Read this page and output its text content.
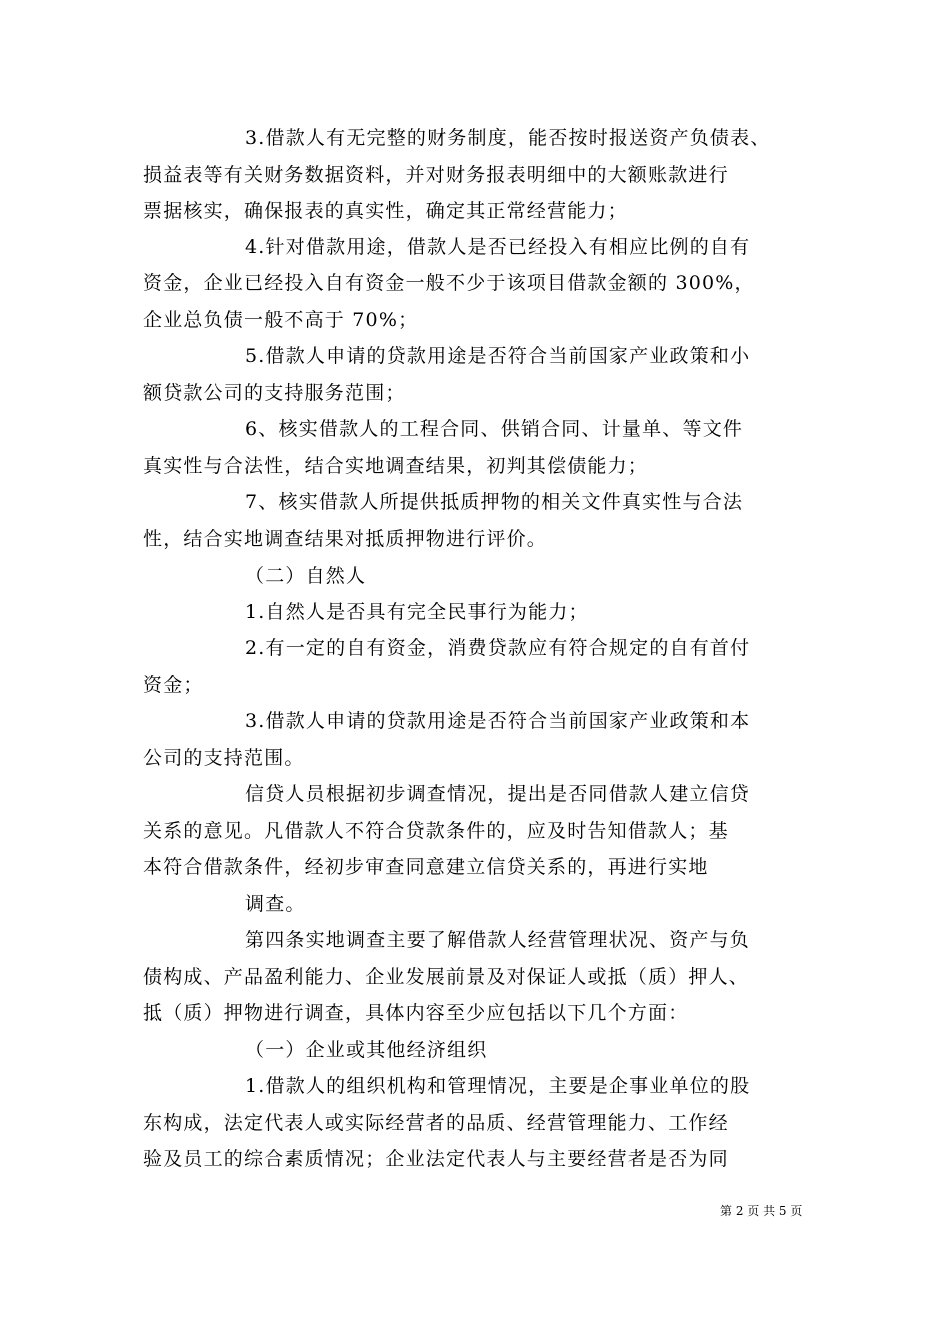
3.借款人有无完整的财务制度，能否按时报送资产负债表、
损益表等有关财务数据资料，并对财务报表明细中的大额账款进行
票据核实，确保报表的真实性，确定其正常经营能力；
4.针对借款用途，借款人是否已经投入有相应比例的自有
资金，企业已经投入自有资金一般不少于该项目借款金额的 300%，
企业总负债一般不高于 70%；
5.借款人申请的贷款用途是否符合当前国家产业政策和小
额贷款公司的支持服务范围；
6、核实借款人的工程合同、供销合同、计量单、等文件
真实性与合法性，结合实地调查结果，初判其偿债能力；
7、核实借款人所提供抵质押物的相关文件真实性与合法
性，结合实地调查结果对抵质押物进行评价。
（二）自然人
1.自然人是否具有完全民事行为能力；
2.有一定的自有资金，消费贷款应有符合规定的自有首付
资金；
3.借款人申请的贷款用途是否符合当前国家产业政策和本
公司的支持范围。
信贷人员根据初步调查情况，提出是否同借款人建立信贷
关系的意见。凡借款人不符合贷款条件的，应及时告知借款人；基
本符合借款条件，经初步审查同意建立信贷关系的，再进行实地
调查。
第四条实地调查主要了解借款人经营管理状况、资产与负
债构成、产品盈利能力、企业发展前景及对保证人或抵（质）押人、
抵（质）押物进行调查，具体内容至少应包括以下几个方面：
（一）企业或其他经济组织
1.借款人的组织机构和管理情况，主要是企事业单位的股
东构成，法定代表人或实际经营者的品质、经营管理能力、工作经
验及员工的综合素质情况；企业法定代表人与主要经营者是否为同
第 2 页 共 5 页
